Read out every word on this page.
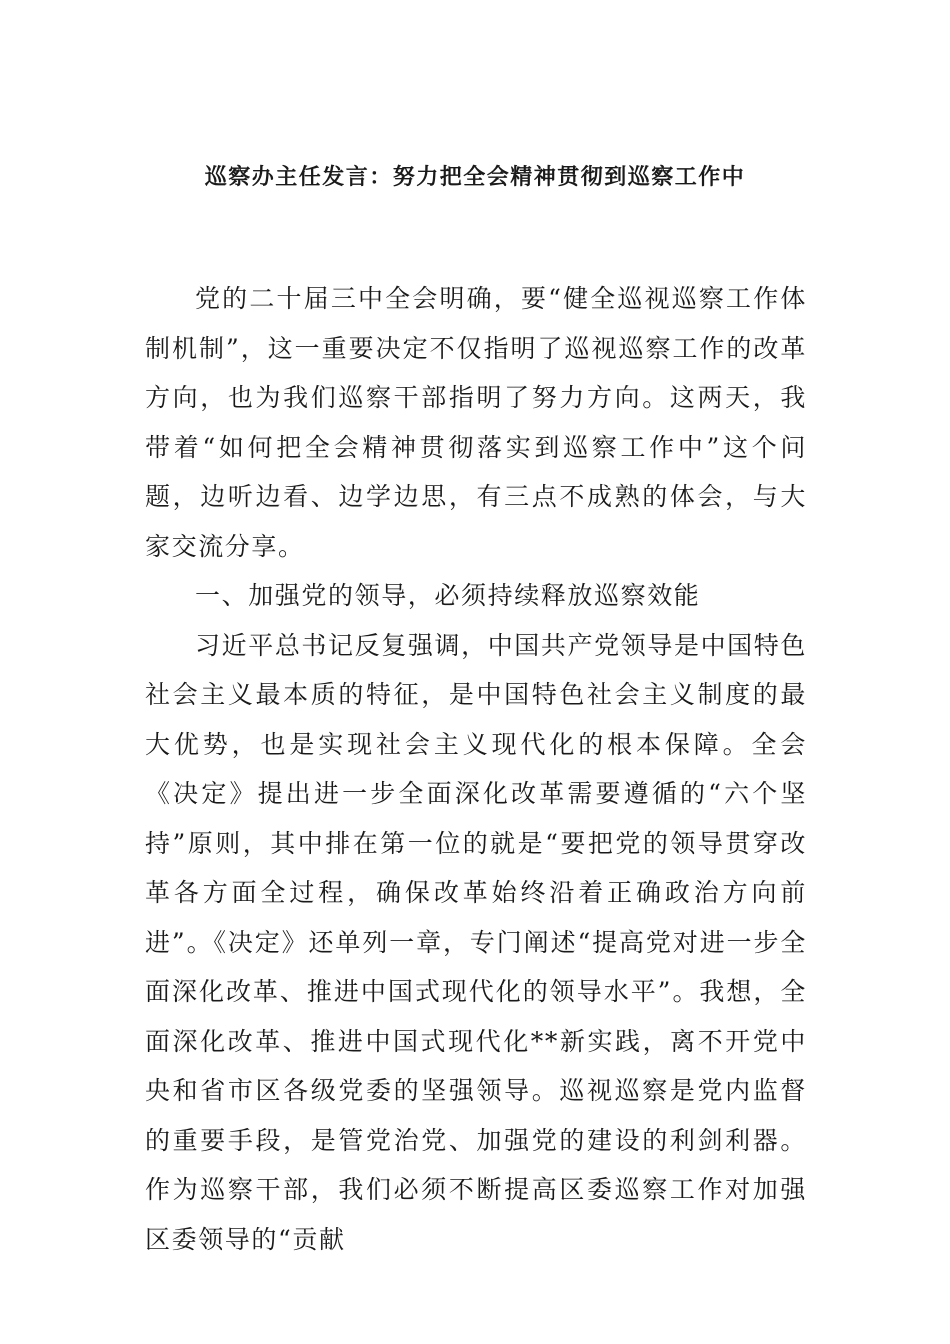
巡察办主任发言：努力把全会精神贯彻到巡察工作中

党的二十届三中全会明确，要“健全巡视巡察工作体制机制”，这一重要决定不仅指明了巡视巡察工作的改革方向，也为我们巡察干部指明了努力方向。这两天，我带着“如何把全会精神贯彻落实到巡察工作中”这个问题，边听边看、边学边思，有三点不成熟的体会，与大家交流分享。

一、加强党的领导，必须持续释放巡察效能

习近平总书记反复强调，中国共产党领导是中国特色社会主义最本质的特征，是中国特色社会主义制度的最大优势，也是实现社会主义现代化的根本保障。全会《决定》提出进一步全面深化改革需要遵循的“六个坚持”原则，其中排在第一位的就是“要把党的领导贯穿改革各方面全过程，确保改革始终沿着正确政治方向前进”。《决定》还单列一章，专门阐述“提高党对进一步全面深化改革、推进中国式现代化的领导水平”。我想，全面深化改革、推进中国式现代化**新实践，离不开党中央和省市区各级党委的坚强领导。巡视巡察是党内监督的重要手段，是管党治党、加强党的建设的利剑利器。作为巡察干部，我们必须不断提高区委巡察工作对加强区委领导的“贡献
